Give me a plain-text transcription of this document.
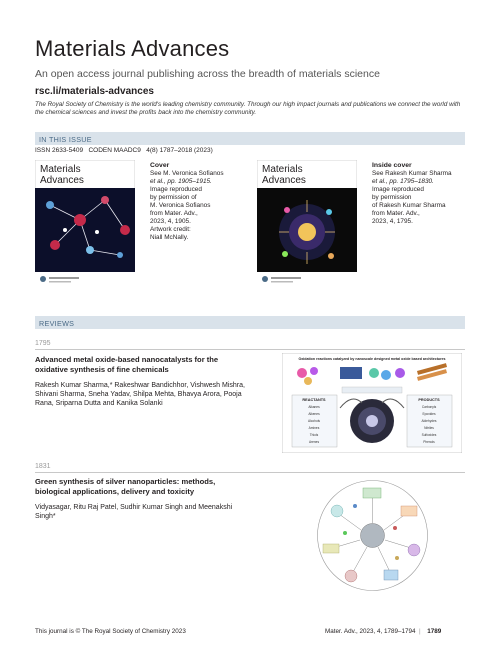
Materials Advances
An open access journal publishing across the breadth of materials science
rsc.li/materials-advances
The Royal Society of Chemistry is the world's leading chemistry community. Through our high impact journals and publications we connect the world with the chemical sciences and invest the profits back into the chemistry community.
IN THIS ISSUE
ISSN 2633-5409 CODEN MAADC9 4(8) 1787–2018 (2023)
Materials
Advances
Cover
See M. Veronica Sofianos
et al., pp. 1905–1915.
Image reproduced
by permission of
M. Veronica Sofianos
from Mater. Adv.,
2023, 4, 1905.
Artwork credit:
Niall McNally.
Materials
Advances
Inside cover
See Rakesh Kumar Sharma
et al., pp. 1795–1830.
Image reproduced
by permission
of Rakesh Kumar Sharma
from Mater. Adv.,
2023, 4, 1795.
REVIEWS
1795
Advanced metal oxide-based nanocatalysts for the oxidative synthesis of fine chemicals
Rakesh Kumar Sharma,* Rakeshwar Bandichhor, Vishwesh Mishra, Shivani Sharma, Sneha Yadav, Shilpa Mehta, Bhavya Arora, Pooja Rana, Sriparna Dutta and Kanika Solanki
Oxidation reactions catalyzed by nanoscale designed metal oxide based architectures
REACTANTS
Alkanes
Alkenes
Alcohols
Amines
Thiols
Arenes
PRODUCTS
Carbonyls
Epoxides
Aldehydes
Nitriles
Sulfoxides
Phenols
1831
Green synthesis of silver nanoparticles: methods, biological applications, delivery and toxicity
Vidyasagar, Ritu Raj Patel, Sudhir Kumar Singh and Meenakshi Singh*
This journal is © The Royal Society of Chemistry 2023	Mater. Adv., 2023, 4, 1789–1794  |  1789
